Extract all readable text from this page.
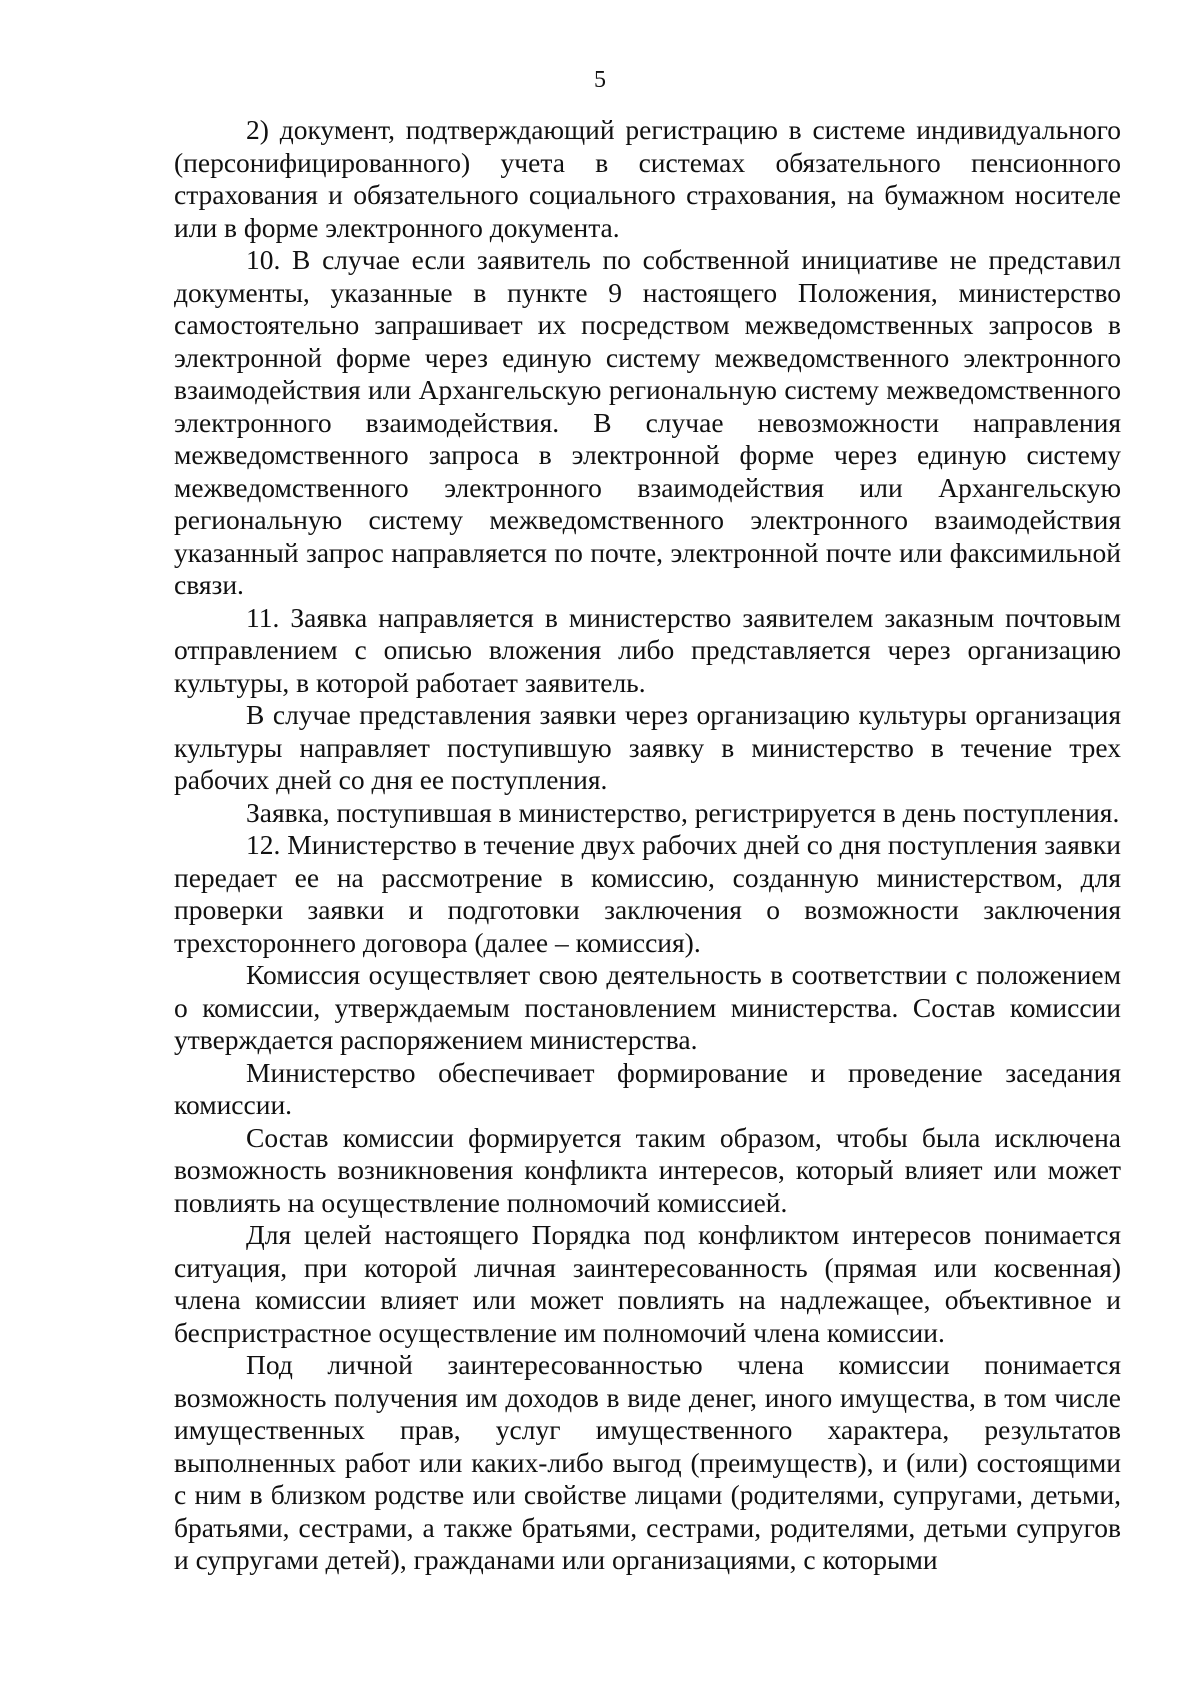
5

2) документ, подтверждающий регистрацию в системе индивидуального (персонифицированного) учета в системах обязательного пенсионного страхования и обязательного социального страхования, на бумажном носителе или в форме электронного документа.

10. В случае если заявитель по собственной инициативе не представил документы, указанные в пункте 9 настоящего Положения, министерство самостоятельно запрашивает их посредством межведомственных запросов в электронной форме через единую систему межведомственного электронного взаимодействия или Архангельскую региональную систему межведомственного электронного взаимодействия. В случае невозможности направления межведомственного запроса в электронной форме через единую систему межведомственного электронного взаимодействия или Архангельскую региональную систему межведомственного электронного взаимодействия указанный запрос направляется по почте, электронной почте или факсимильной связи.

11. Заявка направляется в министерство заявителем заказным почтовым отправлением с описью вложения либо представляется через организацию культуры, в которой работает заявитель.

В случае представления заявки через организацию культуры организация культуры направляет поступившую заявку в министерство в течение трех рабочих дней со дня ее поступления.

Заявка, поступившая в министерство, регистрируется в день поступления.

12. Министерство в течение двух рабочих дней со дня поступления заявки передает ее на рассмотрение в комиссию, созданную министерством, для проверки заявки и подготовки заключения о возможности заключения трехстороннего договора (далее – комиссия).

Комиссия осуществляет свою деятельность в соответствии с положением о комиссии, утверждаемым постановлением министерства. Состав комиссии утверждается распоряжением министерства.

Министерство обеспечивает формирование и проведение заседания комиссии.

Состав комиссии формируется таким образом, чтобы была исключена возможность возникновения конфликта интересов, который влияет или может повлиять на осуществление полномочий комиссией.

Для целей настоящего Порядка под конфликтом интересов понимается ситуация, при которой личная заинтересованность (прямая или косвенная) члена комиссии влияет или может повлиять на надлежащее, объективное и беспристрастное осуществление им полномочий члена комиссии.

Под личной заинтересованностью члена комиссии понимается возможность получения им доходов в виде денег, иного имущества, в том числе имущественных прав, услуг имущественного характера, результатов выполненных работ или каких-либо выгод (преимуществ), и (или) состоящими с ним в близком родстве или свойстве лицами (родителями, супругами, детьми, братьями, сестрами, а также братьями, сестрами, родителями, детьми супругов и супругами детей), гражданами или организациями, с которыми
